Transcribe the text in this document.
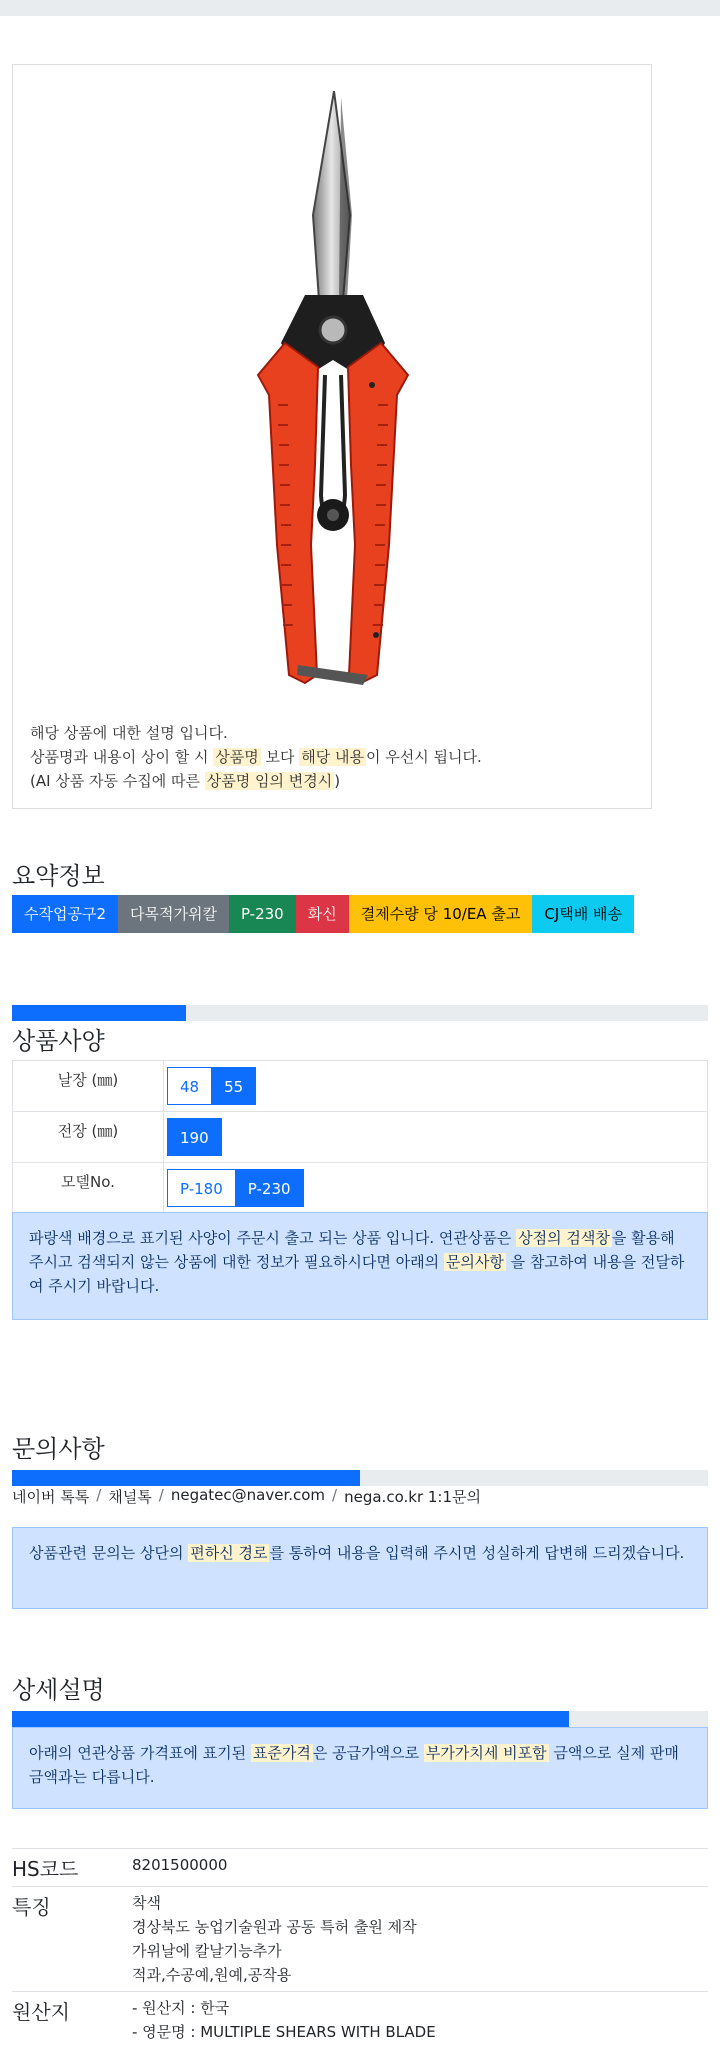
해당 상품에 대한 설명 입니다.
상품명과 내용이 상이 할 시 상품명 보다 해당 내용 이 우선시 됩니다.
(AI 상품 자동 수집에 따른 상품명 임의 변경시 )
요약정보
수작업공구2	다목적가위칼	P-230	화신	결제수량 당 10/EA 출고	CJ택배 배송
상품사양
날장 (㎜)	48 55
전장 (㎜)	190
모델No.	P-180 P-230
파랑색 배경으로 표기된 사양이 주문시 출고 되는 상품 입니다. 연관상품은 상점의 검색창 을 활용해 주시고 검색되지 않는 상품에 대한 정보가 필요하시다면 아래의 문의사항 을 참고하여 내용을 전달하여 주시기 바랍니다.
문의사항
네이버 톡톡 / 채널톡 / negatec@naver.com / nega.co.kr 1:1문의
상품관련 문의는 상단의 편하신 경로 를 통하여 내용을 입력해 주시면 성실하게 답변해 드리겠습니다.
상세설명
아래의 연관상품 가격표에 표기된 표준가격 은 공급가액으로 부가가치세 비포함 금액으로 실제 판매금액과는 다릅니다.
HS코드	8201500000

특징	착색
경상북도 농업기술원과 공동 특허 출원 제작
가위날에 칼날기능추가
적과,수공예,원예,공작용

원산지	- 원산지 : 한국
- 영문명 : MULTIPLE SHEARS WITH BLADE
